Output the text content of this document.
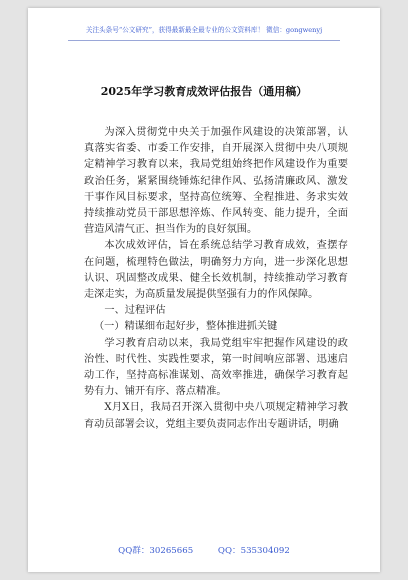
关注头条号“公文研究”，获得最新最全最专业的公文资料库！ 微信：gongwenyj
2025年学习教育成效评估报告（通用稿）

为深入贯彻党中央关于加强作风建设的决策部署，认真落实省委、市委工作安排，自开展深入贯彻中央八项规定精神学习教育以来，我局党组始终把作风建设作为重要政治任务，紧紧围绕锤炼纪律作风、弘扬清廉政风、激发干事作风目标要求，坚持高位统筹、全程推进、务求实效持续推动党员干部思想淬炼、作风转变、能力提升，全面营造风清气正、担当作为的良好氛围。

本次成效评估，旨在系统总结学习教育成效，查摆存在问题，梳理特色做法，明确努力方向，进一步深化思想认识、巩固整改成果、健全长效机制，持续推动学习教育走深走实，为高质量发展提供坚强有力的作风保障。

一、过程评估

（一）精谋细布起好步，整体推进抓关键

学习教育启动以来，我局党组牢牢把握作风建设的政治性、时代性、实践性要求，第一时间响应部署、迅速启动工作，坚持高标准谋划、高效率推进，确保学习教育起势有力、铺开有序、落点精准。

X月X日，我局召开深入贯彻中央八项规定精神学习教育动员部署会议，党组主要负责同志作出专题讲话，明确

QQ群：30265665	QQ：535304092
